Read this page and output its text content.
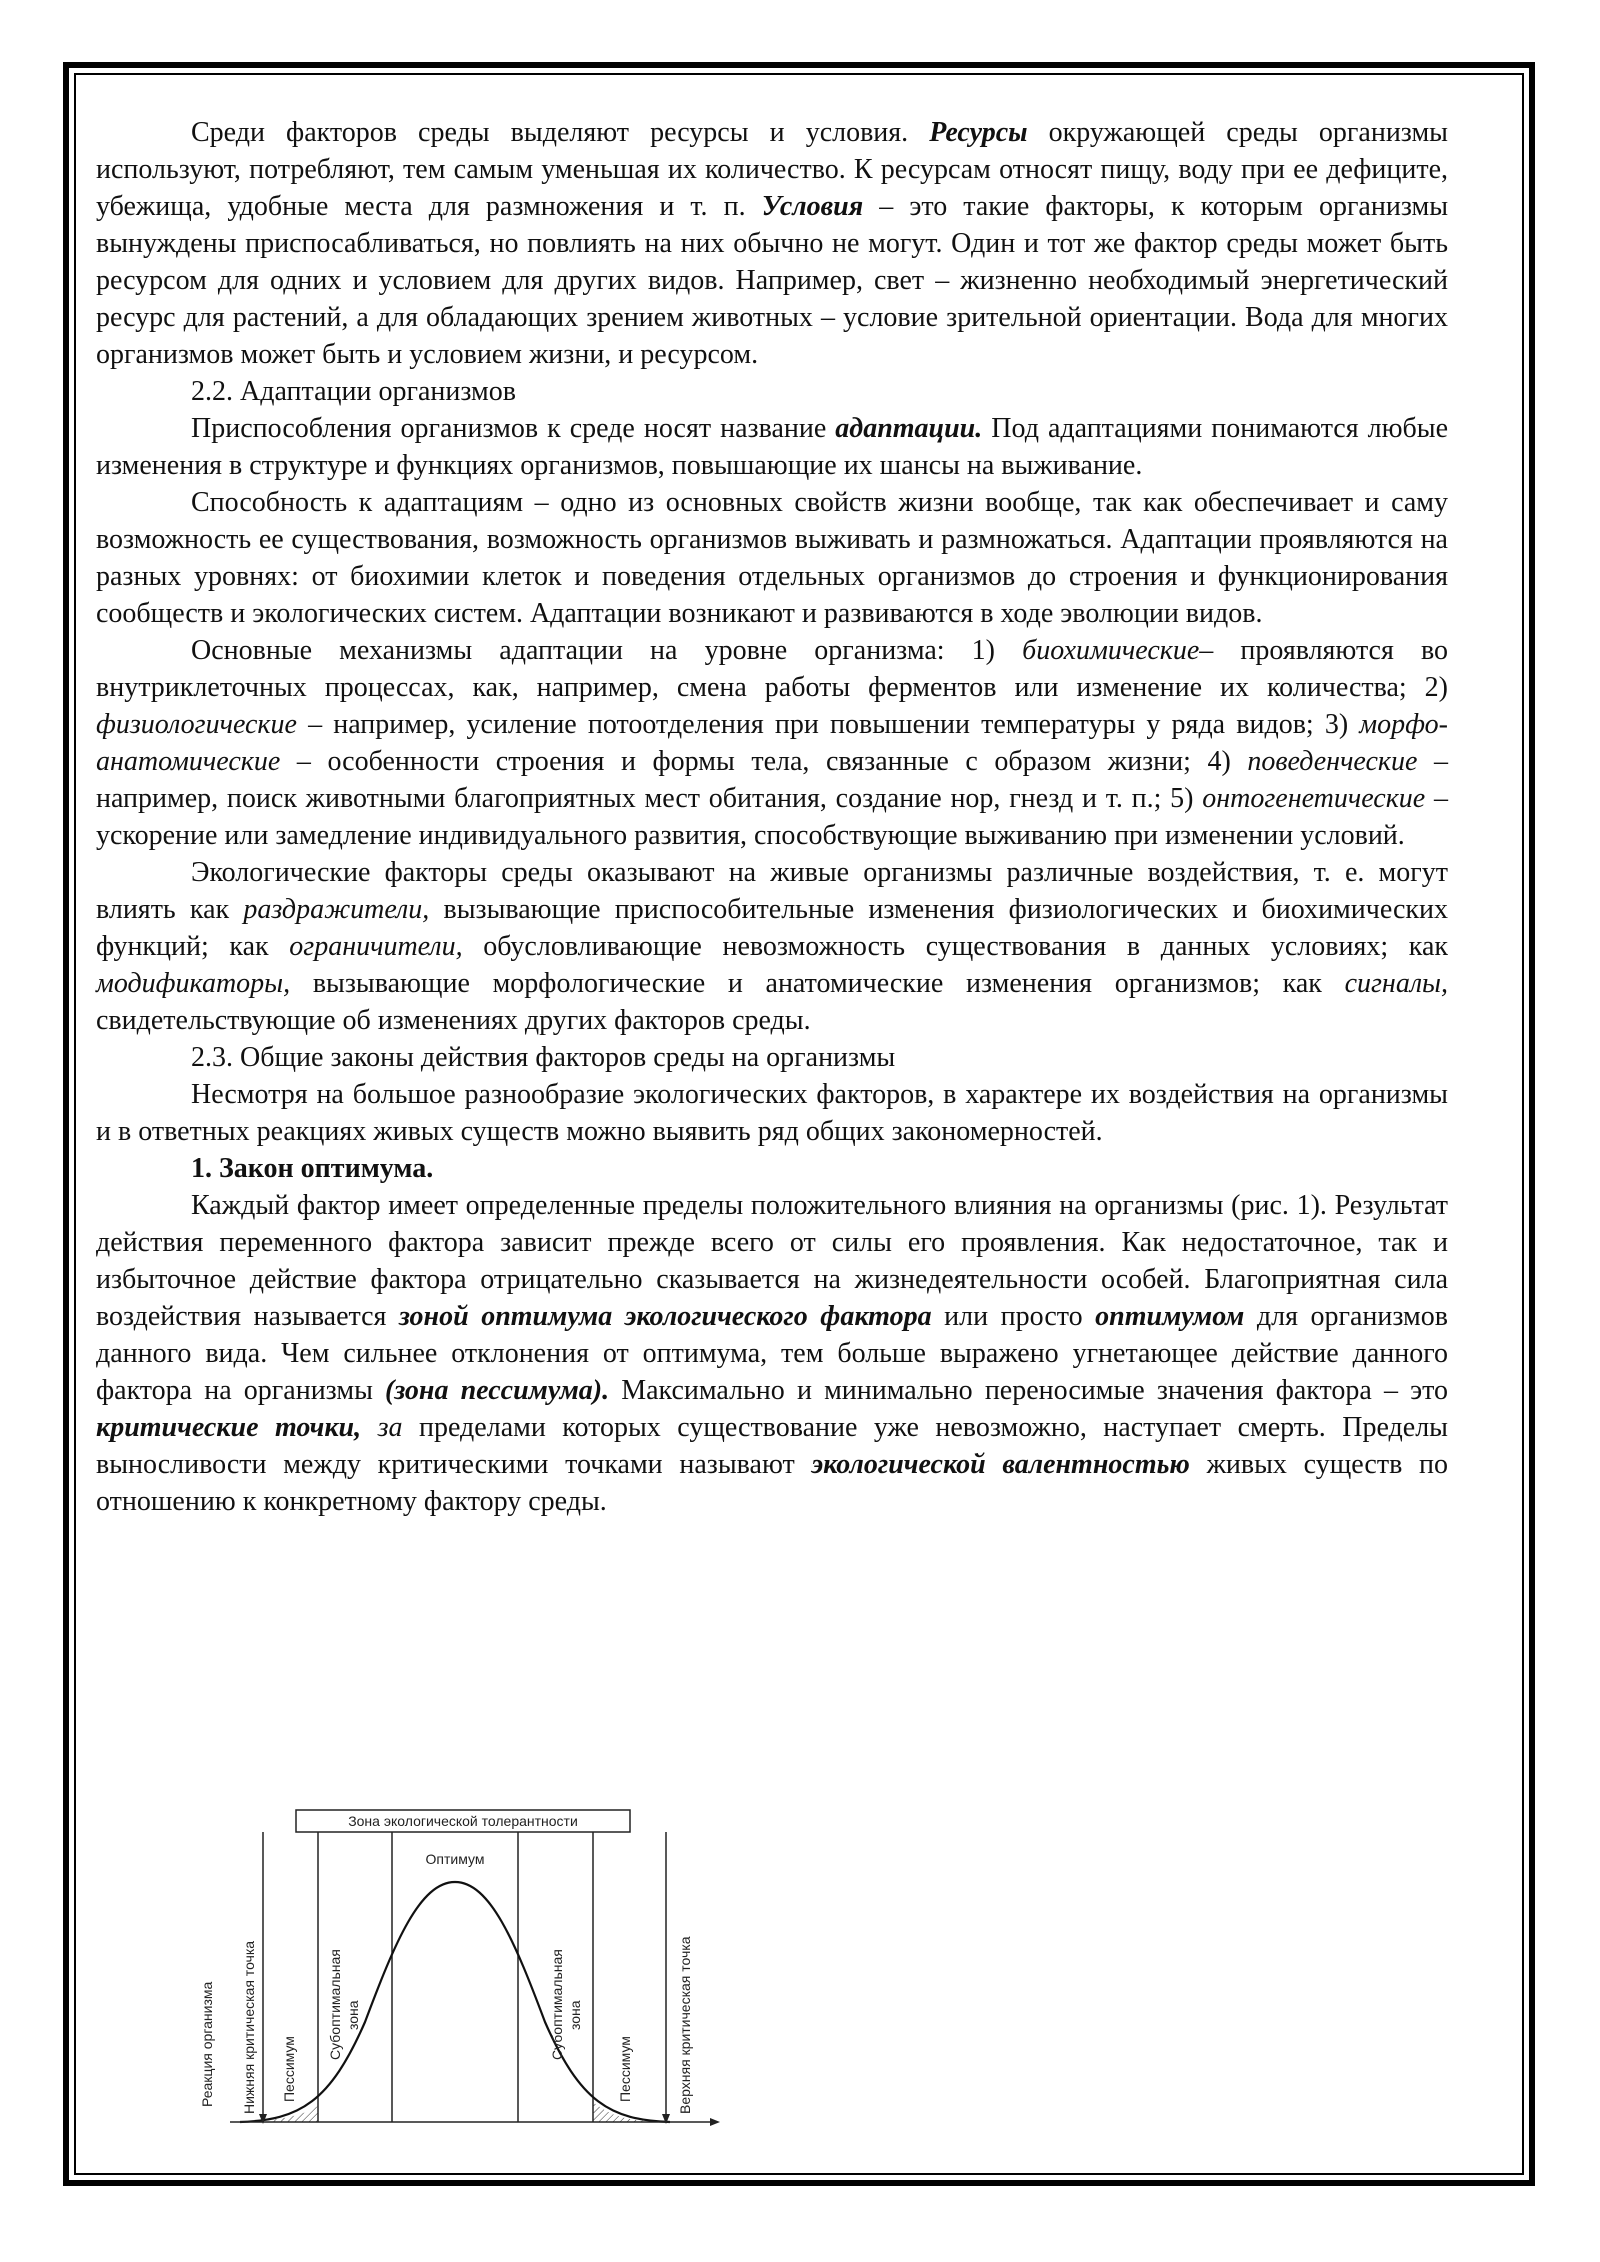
Среди факторов среды выделяют ресурсы и условия. Ресурсы окружающей среды организмы используют, потребляют, тем самым уменьшая их количество. К ресурсам относят пищу, воду при ее дефиците, убежища, удобные места для размножения и т. п. Условия – это такие факторы, к которым организмы вынуждены приспосабливаться, но повлиять на них обычно не могут. Один и тот же фактор среды может быть ресурсом для одних и условием для других видов. Например, свет – жизненно необходимый энергетический ресурс для растений, а для обладающих зрением животных – условие зрительной ориентации. Вода для многих организмов может быть и условием жизни, и ресурсом.

2.2. Адаптации организмов

Приспособления организмов к среде носят название адаптации. Под адаптациями понимаются любые изменения в структуре и функциях организмов, повышающие их шансы на выживание.

Способность к адаптациям – одно из основных свойств жизни вообще, так как обеспечивает и саму возможность ее существования, возможность организмов выживать и размножаться. Адаптации проявляются на разных уровнях: от биохимии клеток и поведения отдельных организмов до строения и функционирования сообществ и экологических систем. Адаптации возникают и развиваются в ходе эволюции видов.

Основные механизмы адаптации на уровне организма: 1) биохимические– проявляются во внутриклеточных процессах, как, например, смена работы ферментов или изменение их количества; 2) физиологические – например, усиление потоотделения при повышении температуры у ряда видов; 3) морфо-анатомические – особенности строения и формы тела, связанные с образом жизни; 4) поведенческие – например, поиск животными благоприятных мест обитания, создание нор, гнезд и т. п.; 5) онтогенетические – ускорение или замедление индивидуального развития, способствующие выживанию при изменении условий.

Экологические факторы среды оказывают на живые организмы различные воздействия, т. е. могут влиять как раздражители, вызывающие приспособительные изменения физиологических и биохимических функций; как ограничители, обусловливающие невозможность существования в данных условиях; как модификаторы, вызывающие морфологические и анатомические изменения организмов; как сигналы, свидетельствующие об изменениях других факторов среды.

2.3. Общие законы действия факторов среды на организмы

Несмотря на большое разнообразие экологических факторов, в характере их воздействия на организмы и в ответных реакциях живых существ можно выявить ряд общих закономерностей.

1. Закон оптимума.

Каждый фактор имеет определенные пределы положительного влияния на организмы (рис. 1). Результат действия переменного фактора зависит прежде всего от силы его проявления. Как недостаточное, так и избыточное действие фактора отрицательно сказывается на жизнедеятельности особей. Благоприятная сила воздействия называется зоной оптимума экологического фактора или просто оптимумом для организмов данного вида. Чем сильнее отклонения от оптимума, тем больше выражено угнетающее действие данного фактора на организмы (зона пессимума). Максимально и минимально переносимые значения фактора – это критические точки, за пределами которых существование уже невозможно, наступает смерть. Пределы выносливости между критическими точками называют экологической валентностью живых существ по отношению к конкретному фактору среды.

Зона экологической толерантности
Оптимум
Реакция организма Нижняя критическая точка Пессимум
Субоптимальная зона	Субоптимальная зона
Пессимум	Верхняя критическая точка
